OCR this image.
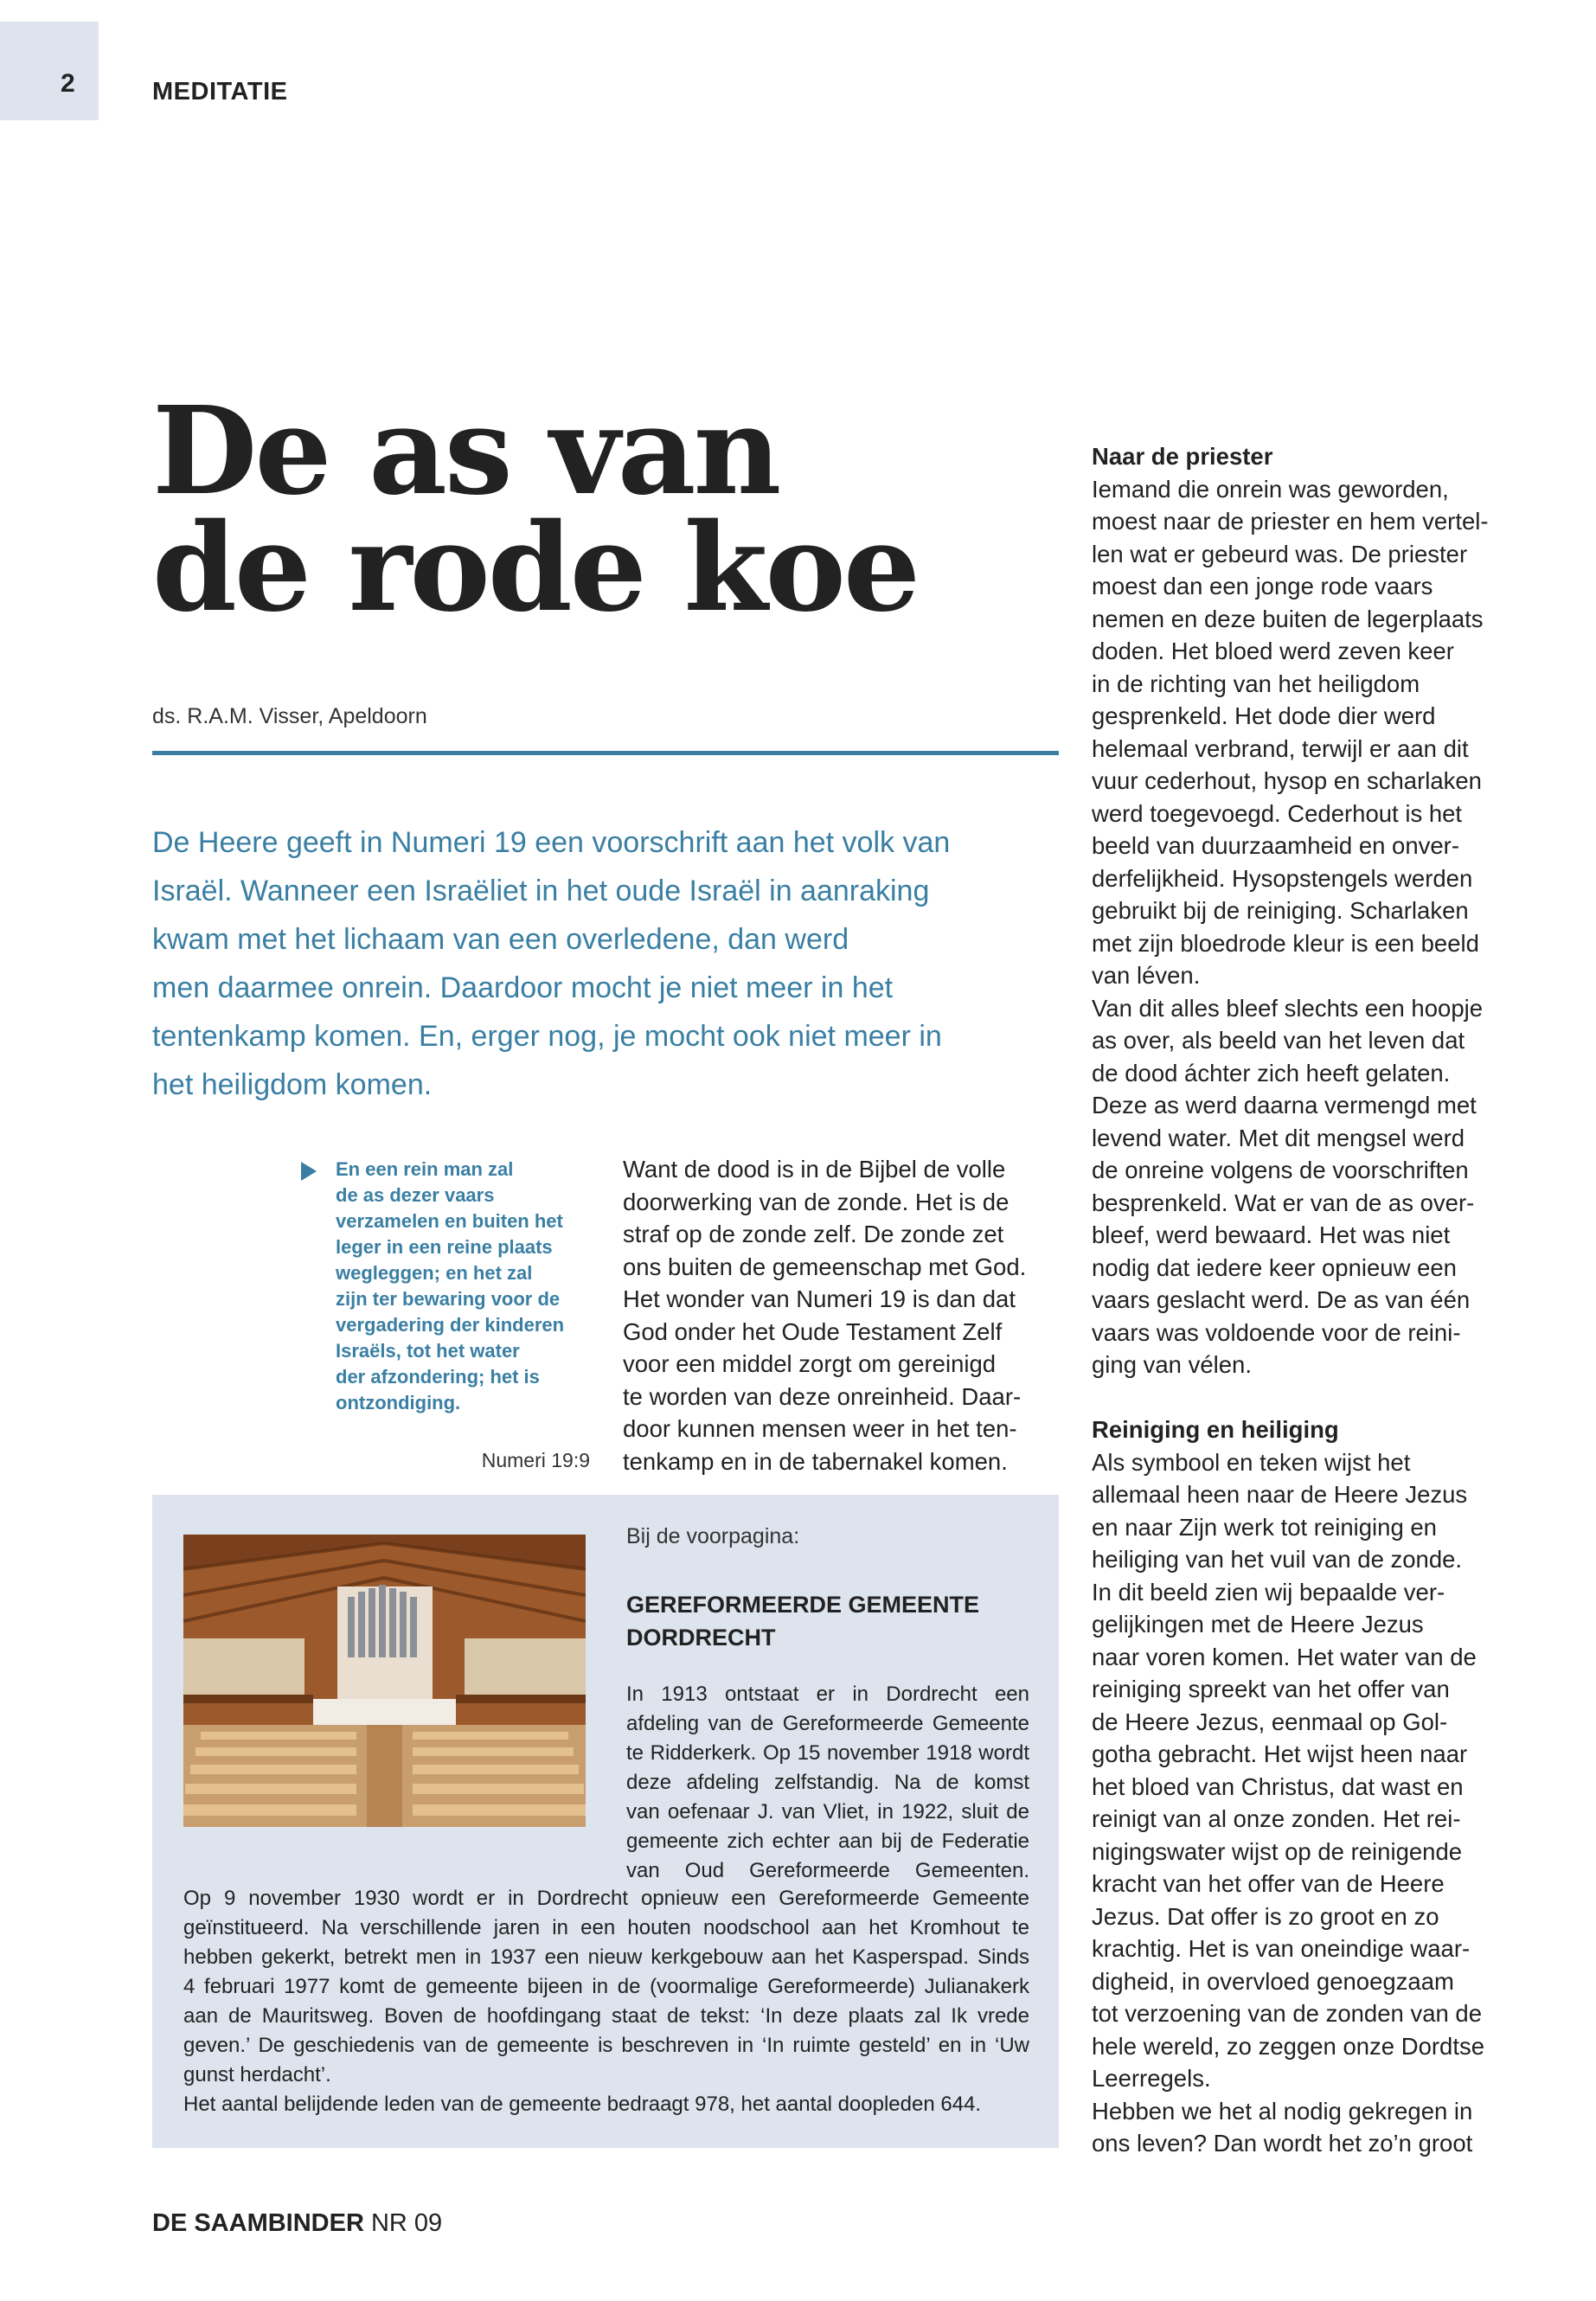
2	MEDITATIE
De as van
de rode koe
ds. R.A.M. Visser, Apeldoorn

De Heere geeft in Numeri 19 een voorschrift aan het volk van
Israël. Wanneer een Israëliet in het oude Israël in aanraking
kwam met het lichaam van een overledene, dan werd
men daarmee onrein. Daardoor mocht je niet meer in het
tentenkamp komen. En, erger nog, je mocht ook niet meer in
het heiligdom komen.

En een rein man zal
de as dezer vaars
verzamelen en buiten het
leger in een reine plaats
wegleggen; en het zal
zijn ter bewaring voor de
vergadering der kinderen
Israëls, tot het water
der afzondering; het is
ontzondiging.

Numeri 19:9

Want de dood is in de Bijbel de volle
doorwerking van de zonde. Het is de
straf op de zonde zelf. De zonde zet
ons buiten de gemeenschap met God.
Het wonder van Numeri 19 is dan dat
God onder het Oude Testament Zelf
voor een middel zorgt om gereinigd
te worden van deze onreinheid. Daar-
door kunnen mensen weer in het ten-
tenkamp en in de tabernakel komen.

Naar de priester
Iemand die onrein was geworden,
moest naar de priester en hem vertel-
len wat er gebeurd was. De priester
moest dan een jonge rode vaars
nemen en deze buiten de legerplaats
doden. Het bloed werd zeven keer
in de richting van het heiligdom
gesprenkeld. Het dode dier werd
helemaal verbrand, terwijl er aan dit
vuur cederhout, hysop en scharlaken
werd toegevoegd. Cederhout is het
beeld van duurzaamheid en onver-
derfelijkheid. Hysopstengels werden
gebruikt bij de reiniging. Scharlaken
met zijn bloedrode kleur is een beeld
van léven.
Van dit alles bleef slechts een hoopje
as over, als beeld van het leven dat
de dood áchter zich heeft gelaten.
Deze as werd daarna vermengd met
levend water. Met dit mengsel werd
de onreine volgens de voorschriften
besprenkeld. Wat er van de as over-
bleef, werd bewaard. Het was niet
nodig dat iedere keer opnieuw een
vaars geslacht werd. De as van één
vaars was voldoende voor de reini-
ging van vélen.
Reiniging en heiliging
Als symbool en teken wijst het
allemaal heen naar de Heere Jezus
en naar Zijn werk tot reiniging en
heiliging van het vuil van de zonde.
In dit beeld zien wij bepaalde ver-
gelijkingen met de Heere Jezus
naar voren komen. Het water van de
reiniging spreekt van het offer van
de Heere Jezus, eenmaal op Gol-
gotha gebracht. Het wijst heen naar
het bloed van Christus, dat wast en
reinigt van al onze zonden. Het rei-
nigingswater wijst op de reinigende
kracht van het offer van de Heere
Jezus. Dat offer is zo groot en zo
krachtig. Het is van oneindige waar-
digheid, in overvloed genoegzaam
tot verzoening van de zonden van de
hele wereld, zo zeggen onze Dordtse
Leerregels.
Hebben we het al nodig gekregen in
ons leven? Dan wordt het zo’n groot
Bij de voorpagina:

GEREFORMEERDE GEMEENTE
DORDRECHT

In 1913 ontstaat er in Dordrecht een
afdeling van de Gereformeerde Gemeente
te Ridderkerk. Op 15 november 1918 wordt
deze afdeling zelfstandig. Na de komst
van oefenaar J. van Vliet, in 1922, sluit de
gemeente zich echter aan bij de Federatie
van Oud Gereformeerde Gemeenten.

Op 9 november 1930 wordt er in Dordrecht opnieuw een Gereformeerde Gemeente
geïnstitueerd. Na verschillende jaren in een houten noodschool aan het Kromhout te
hebben gekerkt, betrekt men in 1937 een nieuw kerkgebouw aan het Kasperspad. Sinds
4 februari 1977 komt de gemeente bijeen in de (voormalige Gereformeerde) Julianakerk
aan de Mauritsweg. Boven de hoofdingang staat de tekst: ‘In deze plaats zal Ik vrede
geven.’ De geschiedenis van de gemeente is beschreven in ‘In ruimte gesteld’ en in ‘Uw
gunst herdacht’.
Het aantal belijdende leden van de gemeente bedraagt 978, het aantal doopleden 644.

DE SAAMBINDER NR 09
